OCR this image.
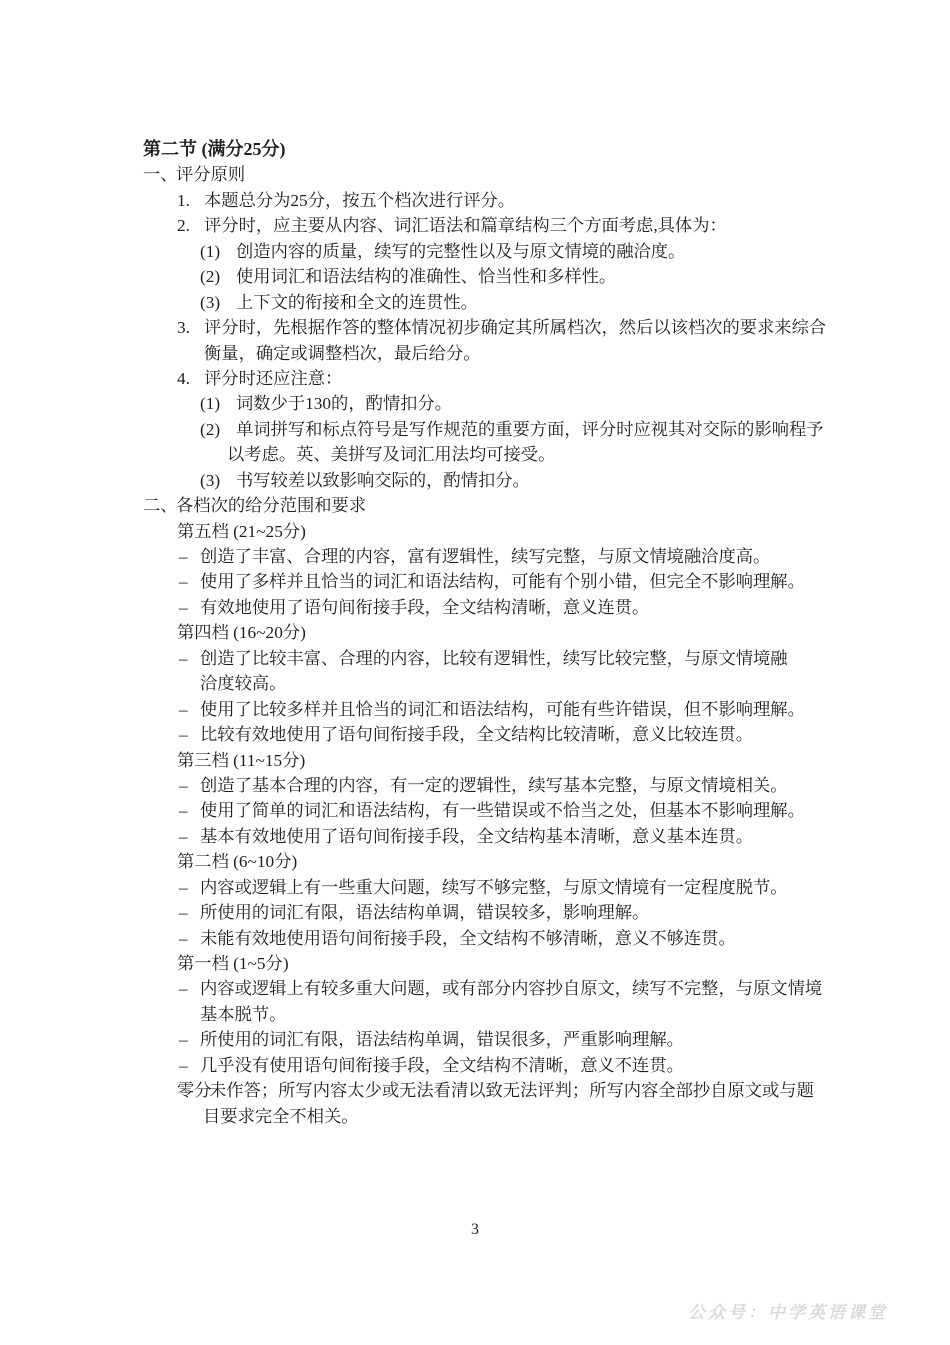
第二节 (满分25分)
一、
评分原则
1. 本题总分为25分，按五个档次进行评分。
2. 评分时，应主要从内容、词汇语法和篇章结构三个方面考虑,具体为：
(1) 创造内容的质量，续写的完整性以及与原文情境的融洽度。
(2) 使用词汇和语法结构的准确性、恰当性和多样性。
(3) 上下文的衔接和全文的连贯性。
3. 评分时，先根据作答的整体情况初步确定其所属档次，然后以该档次的要求来综合
衡量，确定或调整档次，最后给分。
4. 评分时还应注意：
(1) 词数少于130的，酌情扣分。
(2) 单词拼写和标点符号是写作规范的重要方面，评分时应视其对交际的影响程予
以考虑。英、美拼写及词汇用法均可接受。
(3) 书写较差以致影响交际的，酌情扣分。
二、
各档次的给分范围和要求
第五档 (21~25分)
– 创造了丰富、合理的内容，富有逻辑性，续写完整，与原文情境融洽度高。
– 使用了多样并且恰当的词汇和语法结构，可能有个别小错，但完全不影响理解。
– 有效地使用了语句间衔接手段，全文结构清晰，意义连贯。
第四档 (16~20分)
– 创造了比较丰富、合理的内容，比较有逻辑性，续写比较完整，与原文情境融
洽度较高。
– 使用了比较多样并且恰当的词汇和语法结构，可能有些许错误，但不影响理解。
– 比较有效地使用了语句间衔接手段，全文结构比较清晰，意义比较连贯。
第三档 (11~15分)
– 创造了基本合理的内容，有一定的逻辑性，续写基本完整，与原文情境相关。
– 使用了简单的词汇和语法结构，有一些错误或不恰当之处，但基本不影响理解。
– 基本有效地使用了语句间衔接手段，全文结构基本清晰，意义基本连贯。
第二档 (6~10分)
– 内容或逻辑上有一些重大问题，续写不够完整，与原文情境有一定程度脱节。
– 所使用的词汇有限，语法结构单调，错误较多，影响理解。
– 未能有效地使用语句间衔接手段，全文结构不够清晰，意义不够连贯。
第一档 (1~5分)
– 内容或逻辑上有较多重大问题，或有部分内容抄自原文，续写不完整，与原文情境
基本脱节。
– 所使用的词汇有限，语法结构单调，错误很多，严重影响理解。
– 几乎没有使用语句间衔接手段，全文结构不清晰，意义不连贯。
零分
未作答；所写内容太少或无法看清以致无法评判；所写内容全部抄自原文或与题
目要求完全不相关。
3
公众号：中学英语课堂
